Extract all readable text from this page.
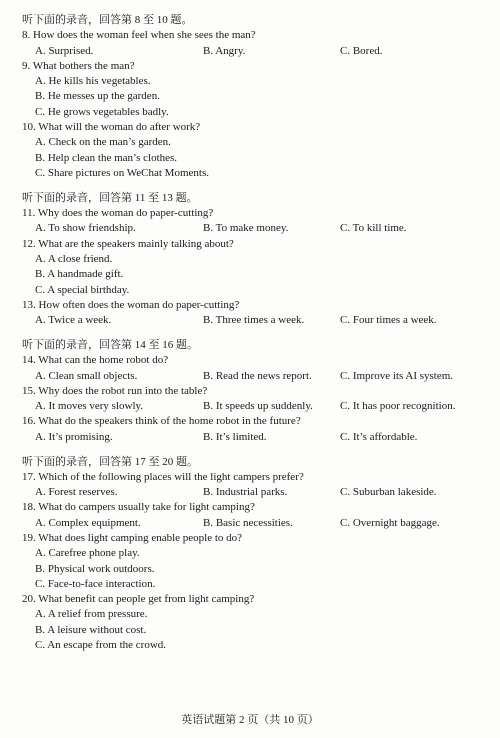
听下面的录音，回答第 8 至 10 题。
8. How does the woman feel when she sees the man?
A. Surprised.	B. Angry.	C. Bored.
9. What bothers the man?
A. He kills his vegetables.
B. He messes up the garden.
C. He grows vegetables badly.
10. What will the woman do after work?
A. Check on the man’s garden.
B. Help clean the man’s clothes.
C. Share pictures on WeChat Moments.
听下面的录音，回答第 11 至 13 题。
11. Why does the woman do paper-cutting?
A. To show friendship.	B. To make money.	C. To kill time.
12. What are the speakers mainly talking about?
A. A close friend.
B. A handmade gift.
C. A special birthday.
13. How often does the woman do paper-cutting?
A. Twice a week.	B. Three times a week.	C. Four times a week.
听下面的录音，回答第 14 至 16 题。
14. What can the home robot do?
A. Clean small objects.	B. Read the news report.	C. Improve its AI system.
15. Why does the robot run into the table?
A. It moves very slowly.	B. It speeds up suddenly. C. It has poor recognition.
16. What do the speakers think of the home robot in the future?
A. It’s promising.	B. It’s limited.	C. It’s affordable.
听下面的录音，回答第 17 至 20 题。
17. Which of the following places will the light campers prefer?
A. Forest reserves.	B. Industrial parks.	C. Suburban lakeside.
18. What do campers usually take for light camping?
A. Complex equipment.	B. Basic necessities.	C. Overnight baggage.
19. What does light camping enable people to do?
A. Carefree phone play.
B. Physical work outdoors.
C. Face-to-face interaction.
20. What benefit can people get from light camping?
A. A relief from pressure.
B. A leisure without cost.
C. An escape from the crowd.
英语试题第 2 页（共 10 页）
